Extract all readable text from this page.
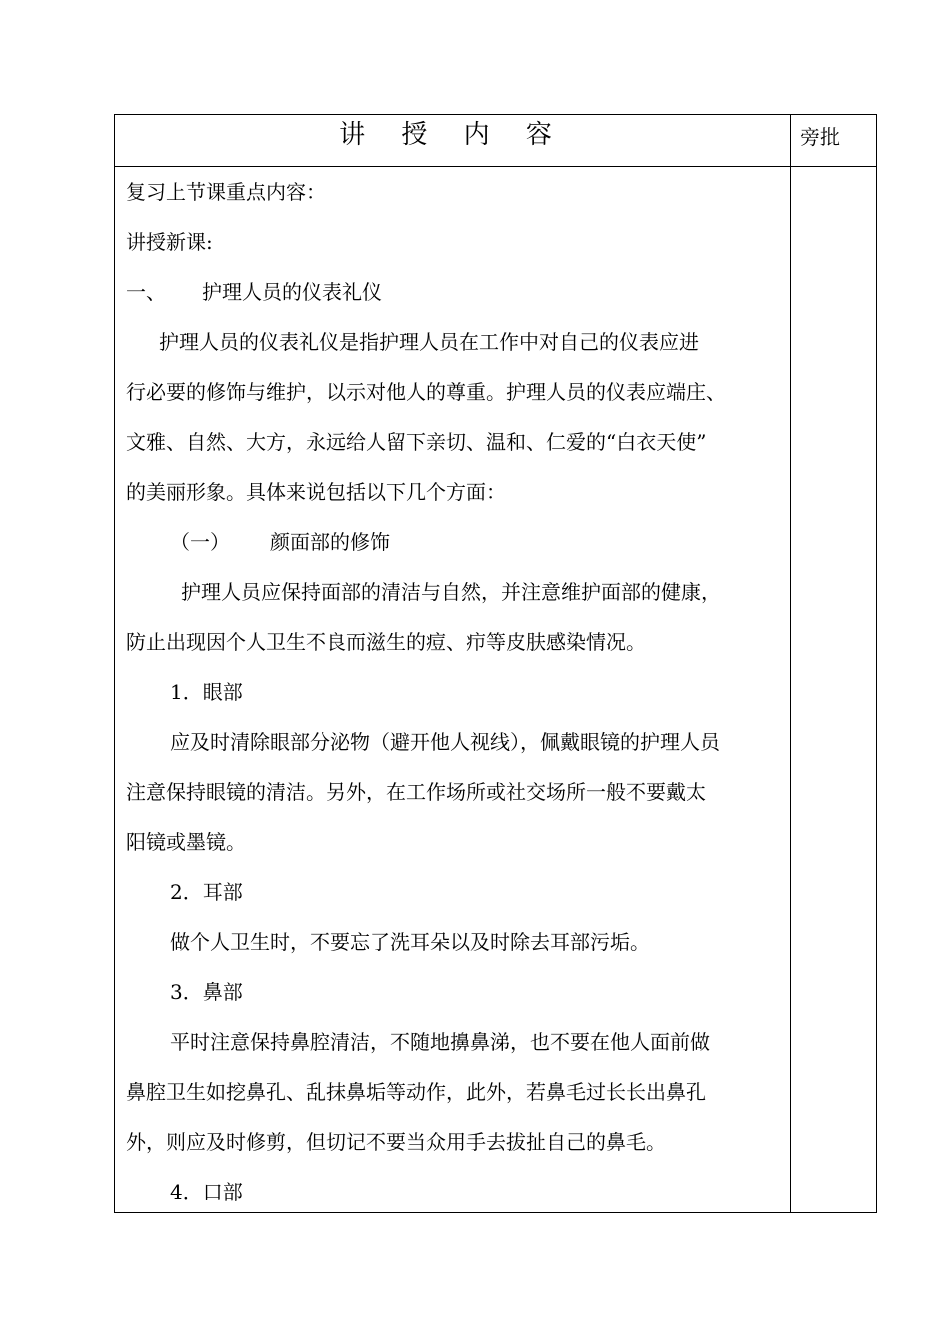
讲 授 内 容	旁批

复习上节课重点内容：

讲授新课:

一、 护理人员的仪表礼仪

护理人员的仪表礼仪是指护理人员在工作中对自己的仪表应进

行必要的修饰与维护，以示对他人的尊重。护理人员的仪表应端庄、

文雅、自然、大方，永远给人留下亲切、温和、仁爱的“白衣天使”

的美丽形象。具体来说包括以下几个方面：

（一） 颜面部的修饰

护理人员应保持面部的清洁与自然，并注意维护面部的健康，

防止出现因个人卫生不良而滋生的痘、疖等皮肤感染情况。

1．眼部

应及时清除眼部分泌物（避开他人视线），佩戴眼镜的护理人员

注意保持眼镜的清洁。另外，在工作场所或社交场所一般不要戴太

阳镜或墨镜。

2．耳部

做个人卫生时，不要忘了洗耳朵以及时除去耳部污垢。

3．鼻部

平时注意保持鼻腔清洁，不随地擤鼻涕，也不要在他人面前做

鼻腔卫生如挖鼻孔、乱抹鼻垢等动作，此外，若鼻毛过长长出鼻孔

外，则应及时修剪，但切记不要当众用手去拔扯自己的鼻毛。

4．口部
